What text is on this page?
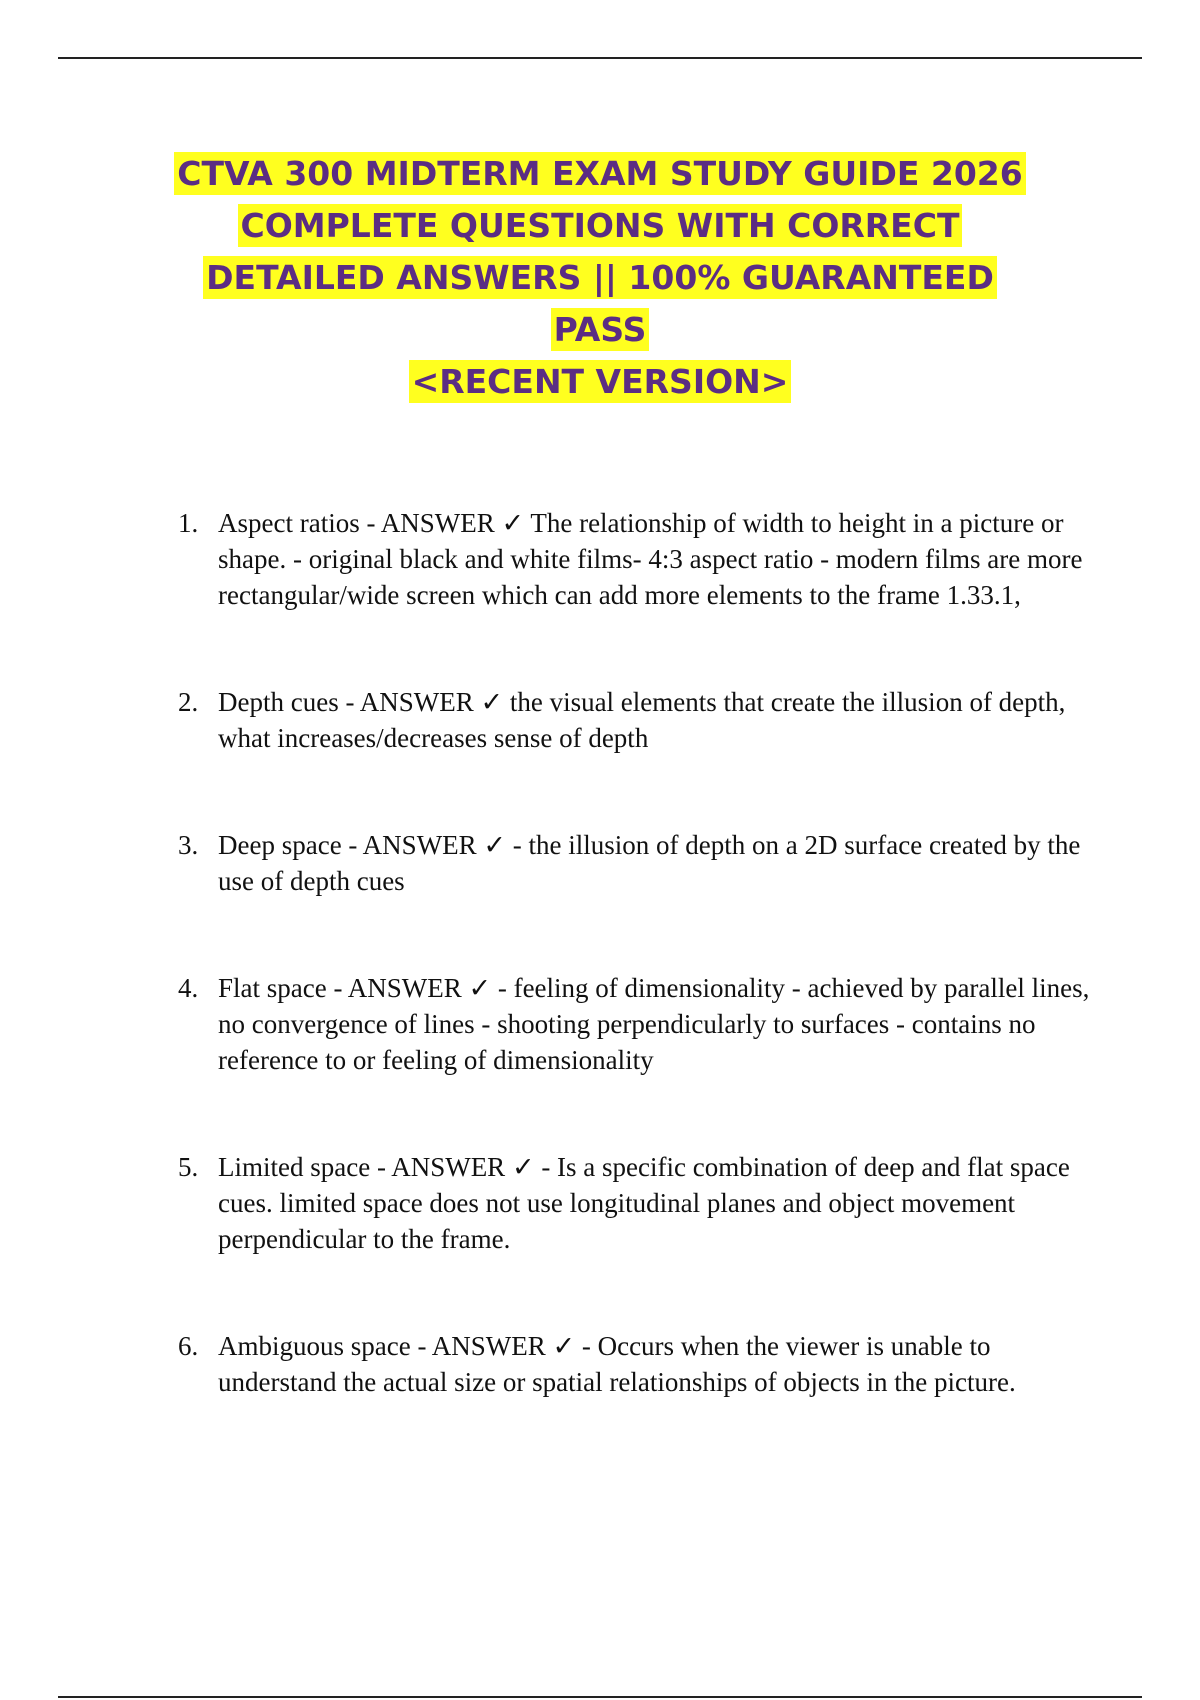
CTVA 300 MIDTERM EXAM STUDY GUIDE 2026
COMPLETE QUESTIONS WITH CORRECT
DETAILED ANSWERS || 100% GUARANTEED
PASS
<RECENT VERSION>
1. Aspect ratios - ANSWER ✓ The relationship of width to height in a picture or shape. - original black and white films- 4:3 aspect ratio - modern films are more rectangular/wide screen which can add more elements to the frame 1.33.1,
2. Depth cues - ANSWER ✓ the visual elements that create the illusion of depth, what increases/decreases sense of depth
3. Deep space - ANSWER ✓ - the illusion of depth on a 2D surface created by the use of depth cues
4. Flat space - ANSWER ✓ - feeling of dimensionality - achieved by parallel lines, no convergence of lines - shooting perpendicularly to surfaces - contains no reference to or feeling of dimensionality
5. Limited space - ANSWER ✓ - Is a specific combination of deep and flat space cues. limited space does not use longitudinal planes and object movement perpendicular to the frame.
6. Ambiguous space - ANSWER ✓ - Occurs when the viewer is unable to understand the actual size or spatial relationships of objects in the picture.
